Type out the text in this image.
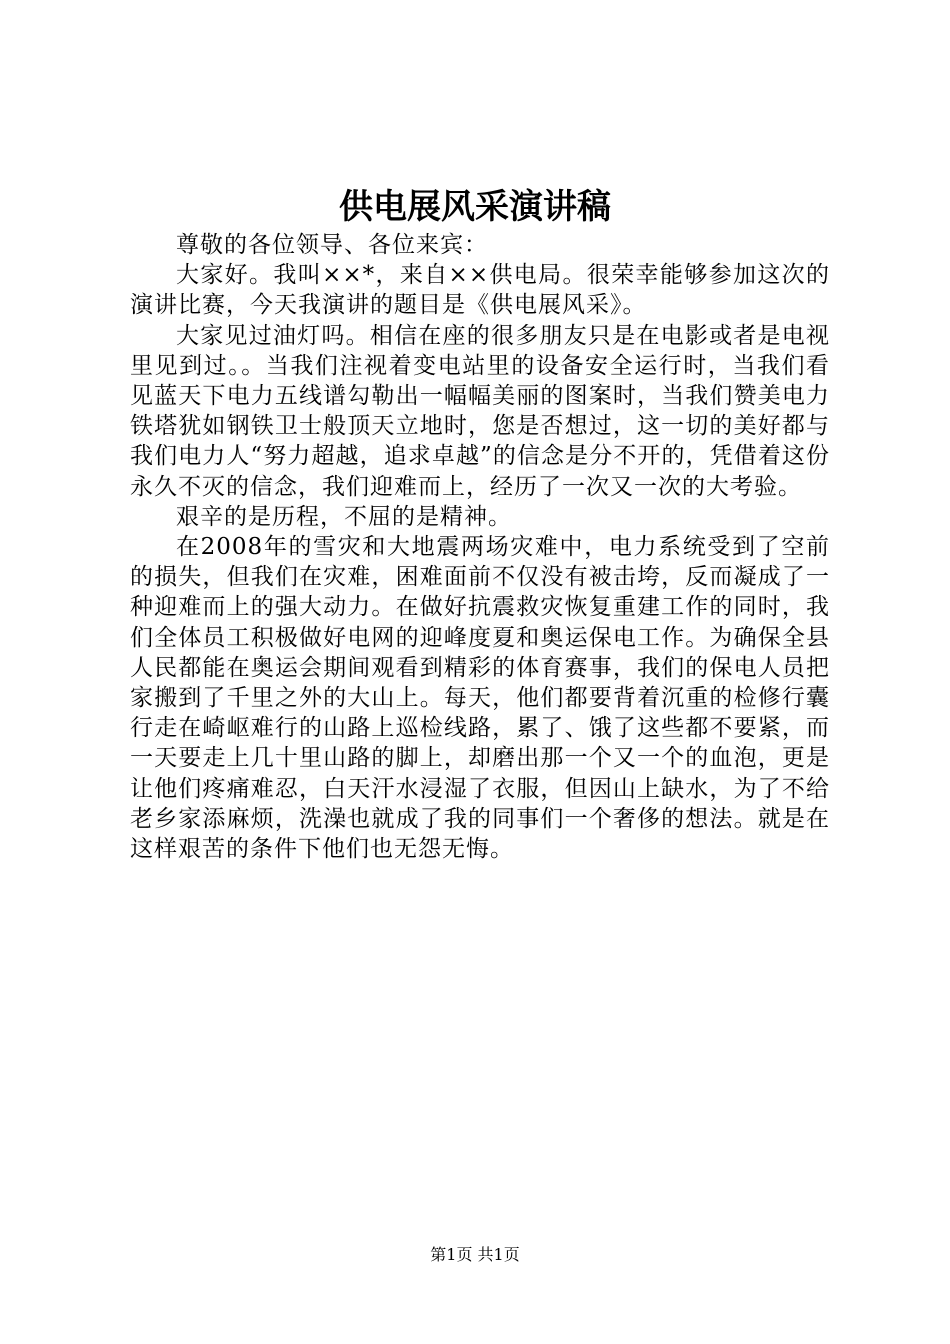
供电展风采演讲稿

尊敬的各位领导、各位来宾：

大家好。我叫××*，来自××供电局。很荣幸能够参加这次的演讲比赛，今天我演讲的题目是《供电展风采》。

大家见过油灯吗。相信在座的很多朋友只是在电影或者是电视里见到过。。当我们注视着变电站里的设备安全运行时，当我们看见蓝天下电力五线谱勾勒出一幅幅美丽的图案时，当我们赞美电力铁塔犹如钢铁卫士般顶天立地时，您是否想过，这一切的美好都与我们电力人“努力超越，追求卓越”的信念是分不开的，凭借着这份永久不灭的信念，我们迎难而上，经历了一次又一次的大考验。

艰辛的是历程，不屈的是精神。

在2008年的雪灾和大地震两场灾难中，电力系统受到了空前的损失，但我们在灾难，困难面前不仅没有被击垮，反而凝成了一种迎难而上的强大动力。在做好抗震救灾恢复重建工作的同时，我们全体员工积极做好电网的迎峰度夏和奥运保电工作。为确保全县人民都能在奥运会期间观看到精彩的体育赛事，我们的保电人员把家搬到了千里之外的大山上。每天，他们都要背着沉重的检修行囊行走在崎岖难行的山路上巡检线路，累了、饿了这些都不要紧，而一天要走上几十里山路的脚上，却磨出那一个又一个的血泡，更是让他们疼痛难忍，白天汗水浸湿了衣服，但因山上缺水，为了不给老乡家添麻烦，洗澡也就成了我的同事们一个奢侈的想法。就是在这样艰苦的条件下他们也无怨无悔。

第1页 共1页
